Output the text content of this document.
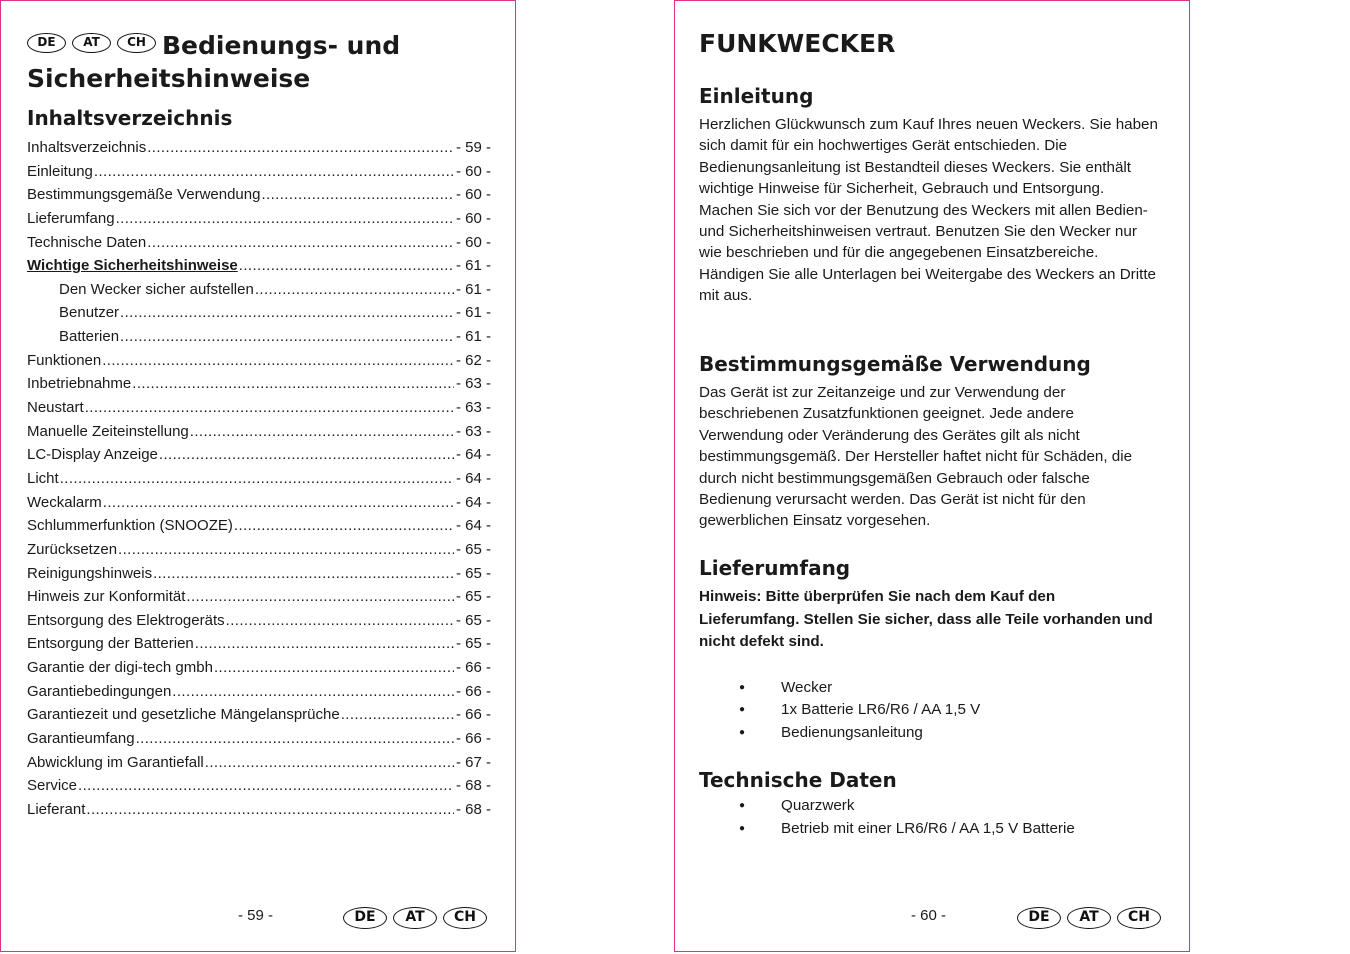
DE	AT	CH Bedienungs- und Sicherheitshinweise
Inhaltsverzeichnis
Inhaltsverzeichnis .....	- 59 -
Einleitung .....	- 60 -
Bestimmungsgemäße Verwendung .....	- 60 -
Lieferumfang .....	- 60 -
Technische Daten .....	- 60 -
Wichtige Sicherheitshinweise .....	- 61 -
Den Wecker sicher aufstellen .....	- 61 -
Benutzer .....	- 61 -
Batterien .....	- 61 -
Funktionen .....	- 62 -
Inbetriebnahme .....	- 63 -
Neustart .....	- 63 -
Manuelle Zeiteinstellung .....	- 63 -
LC-Display Anzeige .....	- 64 -
Licht .....	- 64 -
Weckalarm .....	- 64 -
Schlummerfunktion (SNOOZE) .....	- 64 -
Zurücksetzen .....	- 65 -
Reinigungshinweis .....	- 65 -
Hinweis zur Konformität .....	- 65 -
Entsorgung des Elektrogeräts .....	- 65 -
Entsorgung der Batterien .....	- 65 -
Garantie der digi-tech gmbh .....	- 66 -
Garantiebedingungen .....	- 66 -
Garantiezeit und gesetzliche Mängelansprüche .....	- 66 -
Garantieumfang .....	- 66 -
Abwicklung im Garantiefall .....	- 67 -
Service .....	- 68 -
Lieferant .....	- 68 -
- 59 -	DE	AT	CH
FUNKWECKER
Einleitung

Herzlichen Glückwunsch zum Kauf Ihres neuen Weckers. Sie haben sich damit für ein hochwertiges Gerät entschieden. Die Bedienungsanleitung ist Bestandteil dieses Weckers. Sie enthält wichtige Hinweise für Sicherheit, Gebrauch und Entsorgung. Machen Sie sich vor der Benutzung des Weckers mit allen Bedien- und Sicherheitshinweisen vertraut. Benutzen Sie den Wecker nur wie beschrieben und für die angegebenen Einsatzbereiche.

Händigen Sie alle Unterlagen bei Weitergabe des Weckers an Dritte mit aus.

Bestimmungsgemäße Verwendung

Das Gerät ist zur Zeitanzeige und zur Verwendung der beschriebenen Zusatzfunktionen geeignet. Jede andere Verwendung oder Veränderung des Gerätes gilt als nicht bestimmungsgemäß. Der Hersteller haftet nicht für Schäden, die durch nicht bestimmungsgemäßen Gebrauch oder falsche Bedienung verursacht werden. Das Gerät ist nicht für den gewerblichen Einsatz vorgesehen.

Lieferumfang

Hinweis: Bitte überprüfen Sie nach dem Kauf den Lieferumfang. Stellen Sie sicher, dass alle Teile vorhanden und nicht defekt sind.

● Wecker
● 1x Batterie LR6/R6 / AA 1,5 V
● Bedienungsanleitung
Technische Daten
● Quarzwerk
● Betrieb mit einer LR6/R6 / AA 1,5 V Batterie
- 60 -	DE	AT	CH
